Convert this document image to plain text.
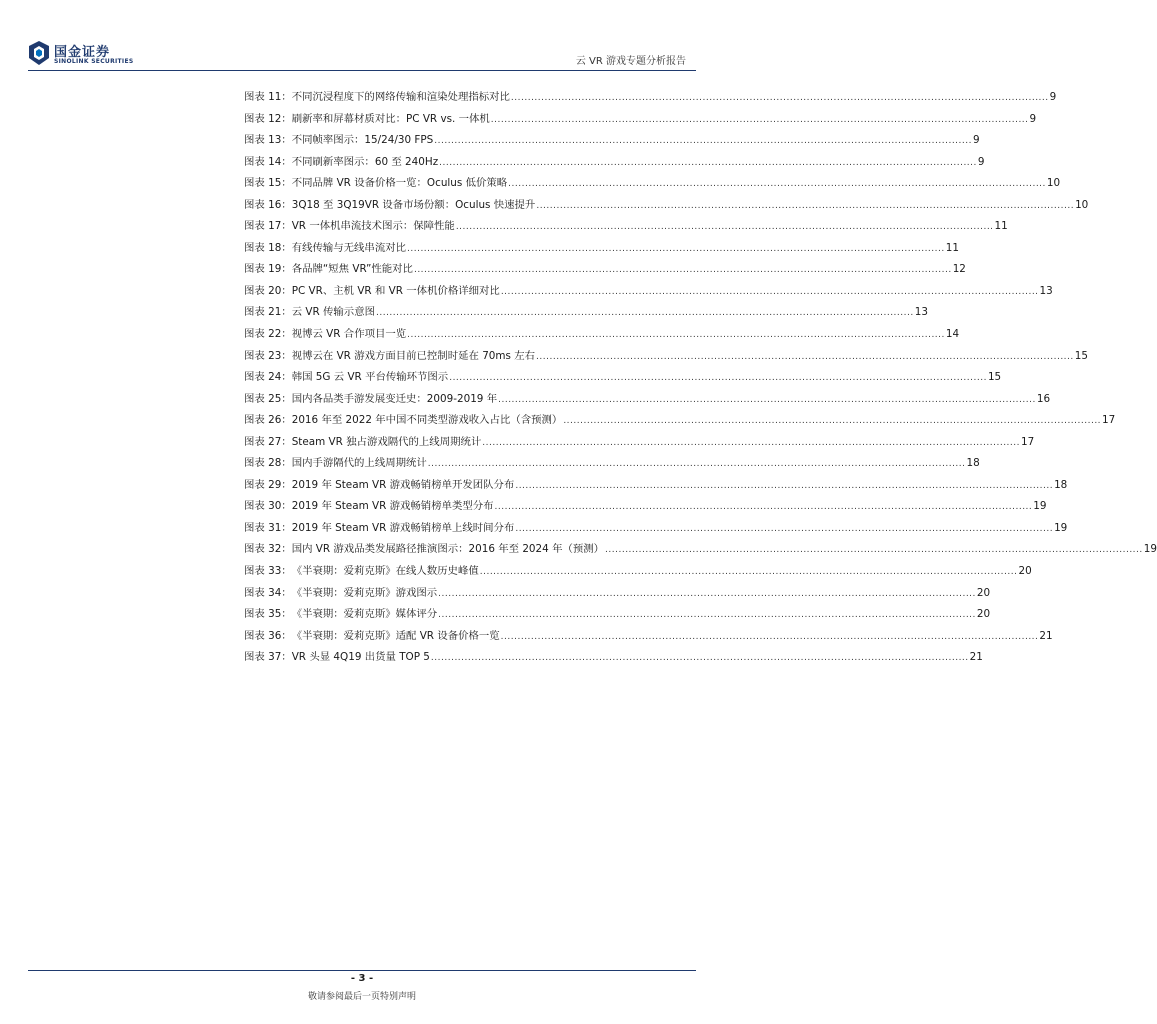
国金证券
SINOLINK SECURITIES	云 VR 游戏专题分析报告
图表 11： 不同沉浸程度下的网络传输和渲染处理指标对比 .....	9
图表 12： 刷新率和屏幕材质对比：PC VR vs. 一体机 .....	9
图表 13： 不同帧率图示：15/24/30 FPS .....	9
图表 14： 不同刷新率图示：60 至 240Hz .....	9
图表 15： 不同品牌 VR 设备价格一览：Oculus 低价策略 .....	10
图表 16： 3Q18 至 3Q19VR 设备市场份额：Oculus 快速提升 .....	10
图表 17： VR 一体机串流技术图示：保障性能 .....	11
图表 18： 有线传输与无线串流对比 .....	11
图表 19： 各品牌“短焦 VR”性能对比 .....	12
图表 20： PC VR、主机 VR 和 VR 一体机价格详细对比 .....	13
图表 21： 云 VR 传输示意图 .....	13
图表 22： 视博云 VR 合作项目一览 .....	14
图表 23： 视博云在 VR 游戏方面目前已控制时延在 70ms 左右 .....	15
图表 24： 韩国 5G 云 VR 平台传输环节图示 .....	15
图表 25： 国内各品类手游发展变迁史：2009-2019 年 .....	16
图表 26： 2016 年至 2022 年中国不同类型游戏收入占比（含预测） .....	17
图表 27： Steam VR 独占游戏隔代的上线周期统计 .....	17
图表 28： 国内手游隔代的上线周期统计 .....	18
图表 29： 2019 年 Steam VR 游戏畅销榜单开发团队分布 .....	18
图表 30： 2019 年 Steam VR 游戏畅销榜单类型分布 .....	19
图表 31： 2019 年 Steam VR 游戏畅销榜单上线时间分布 .....	19
图表 32： 国内 VR 游戏品类发展路径推演图示：2016 年至 2024 年（预测） .....	19
图表 33： 《半衰期：爱莉克斯》在线人数历史峰值 .....	20
图表 34： 《半衰期：爱莉克斯》游戏图示 .....	20
图表 35： 《半衰期：爱莉克斯》媒体评分 .....	20
图表 36： 《半衰期：爱莉克斯》适配 VR 设备价格一览 .....	21
图表 37： VR 头显 4Q19 出货量 TOP 5 .....	21
- 3 -
敬请参阅最后一页特别声明
